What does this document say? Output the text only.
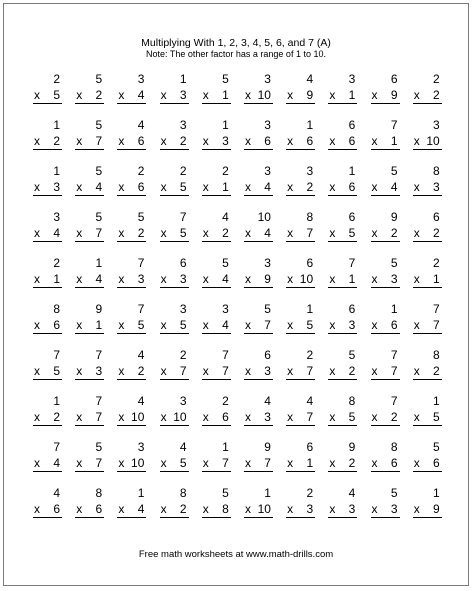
Multiplying With 1, 2, 3, 4, 5, 6, and 7 (A)
Note: The other factor has a range of 1 to 10.
2
x 5
5
x 2
3
x 4
1
x 3
5
x 1
3
x 10
4
x 9
3
x 1
6
x 9
2
x 2
1
x 2
5
x 7
4
x 6
3
x 2
1
x 3
3
x 6
1
x 6
6
x 6
7
x 1
3
x 10
1
x 3
5
x 4
2
x 6
2
x 5
2
x 1
3
x 4
3
x 2
1
x 6
5
x 4
8
x 3
3
x 4
5
x 7
5
x 2
7
x 5
4
x 2
10
x 4
8
x 7
6
x 5
9
x 2
6
x 2
2
x 1
1
x 4
7
x 3
6
x 3
5
x 4
3
x 9
6
x 10
7
x 1
5
x 3
2
x 1
8
x 6
9
x 1
7
x 5
3
x 5
3
x 4
5
x 7
1
x 5
6
x 3
1
x 6
7
x 7
7
x 5
7
x 3
4
x 2
2
x 7
7
x 7
6
x 3
2
x 7
5
x 2
7
x 7
8
x 2
1
x 2
7
x 7
4
x 10
3
x 10
2
x 6
4
x 3
4
x 7
8
x 5
7
x 2
1
x 5
7
x 4
5
x 7
3
x 10
4
x 5
1
x 7
9
x 7
6
x 1
9
x 2
8
x 6
5
x 6
4
x 6
8
x 6
1
x 4
8
x 2
5
x 8
1
x 10
2
x 3
4
x 3
5
x 3
1
x 9
Free math worksheets at www.math-drills.com
